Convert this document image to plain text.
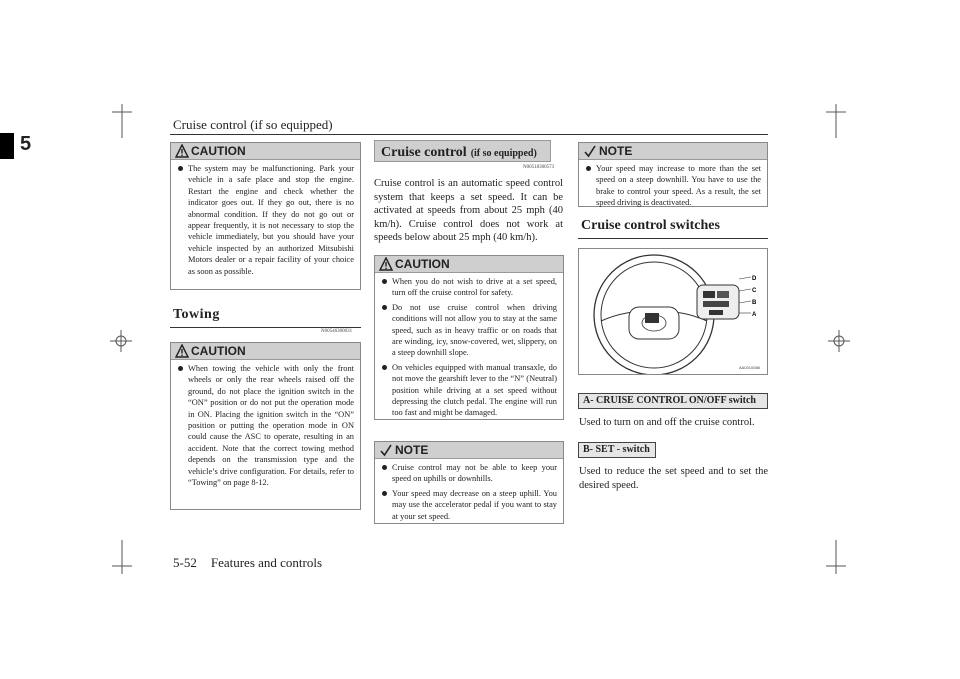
Cruise control (if so equipped)
5	CAUTION
The system may be malfunctioning. Park your vehicle in a safe place and stop the engine. Restart the engine and check whether the indicator goes out. If they go out, there is no abnormal condition. If they do not go out or appear frequently, it is not necessary to stop the vehicle immediately, but you should have your vehicle inspected by an authorized Mitsubishi Motors dealer or a repair facility of your choice as soon as possible.
Towing
N00546300031
CAUTION
When towing the vehicle with only the front wheels or only the rear wheels raised off the ground, do not place the ignition switch in the “ON” position or do not put the operation mode in ON. Placing the ignition switch in the “ON” position or putting the operation mode in ON could cause the ASC to operate, resulting in an accident. Note that the correct towing method depends on the transmission type and the vehicle’s drive configuration. For details, refer to “Towing” on page 8-12.
Cruise control (if so equipped)
N00518300573
Cruise control is an automatic speed control system that keeps a set speed. It can be activated at speeds from about 25 mph (40 km/h). Cruise control does not work at speeds below about 25 mph (40 km/h).
CAUTION
When you do not wish to drive at a set speed, turn off the cruise control for safety.
Do not use cruise control when driving conditions will not allow you to stay at the same speed, such as in heavy traffic or on roads that are winding, icy, snow-covered, wet, slippery, on a steep downhill slope.
On vehicles equipped with manual transaxle, do not move the gearshift lever to the “N” (Neutral) position while driving at a set speed without depressing the clutch pedal. The engine will run too fast and might be damaged.
NOTE
Cruise control may not be able to keep your speed on uphills or downhills.
Your speed may decrease on a steep uphill. You may use the accelerator pedal if you want to stay at your set speed.
NOTE
Your speed may increase to more than the set speed on a steep downhill. You have to use the brake to control your speed. As a result, the set speed driving is deactivated.
Cruise control switches
D
C
B
A
AA0310088
A- CRUISE CONTROL ON/OFF switch
Used to turn on and off the cruise control.
B- SET - switch
Used to reduce the set speed and to set the desired speed.
5-52 Features and controls
